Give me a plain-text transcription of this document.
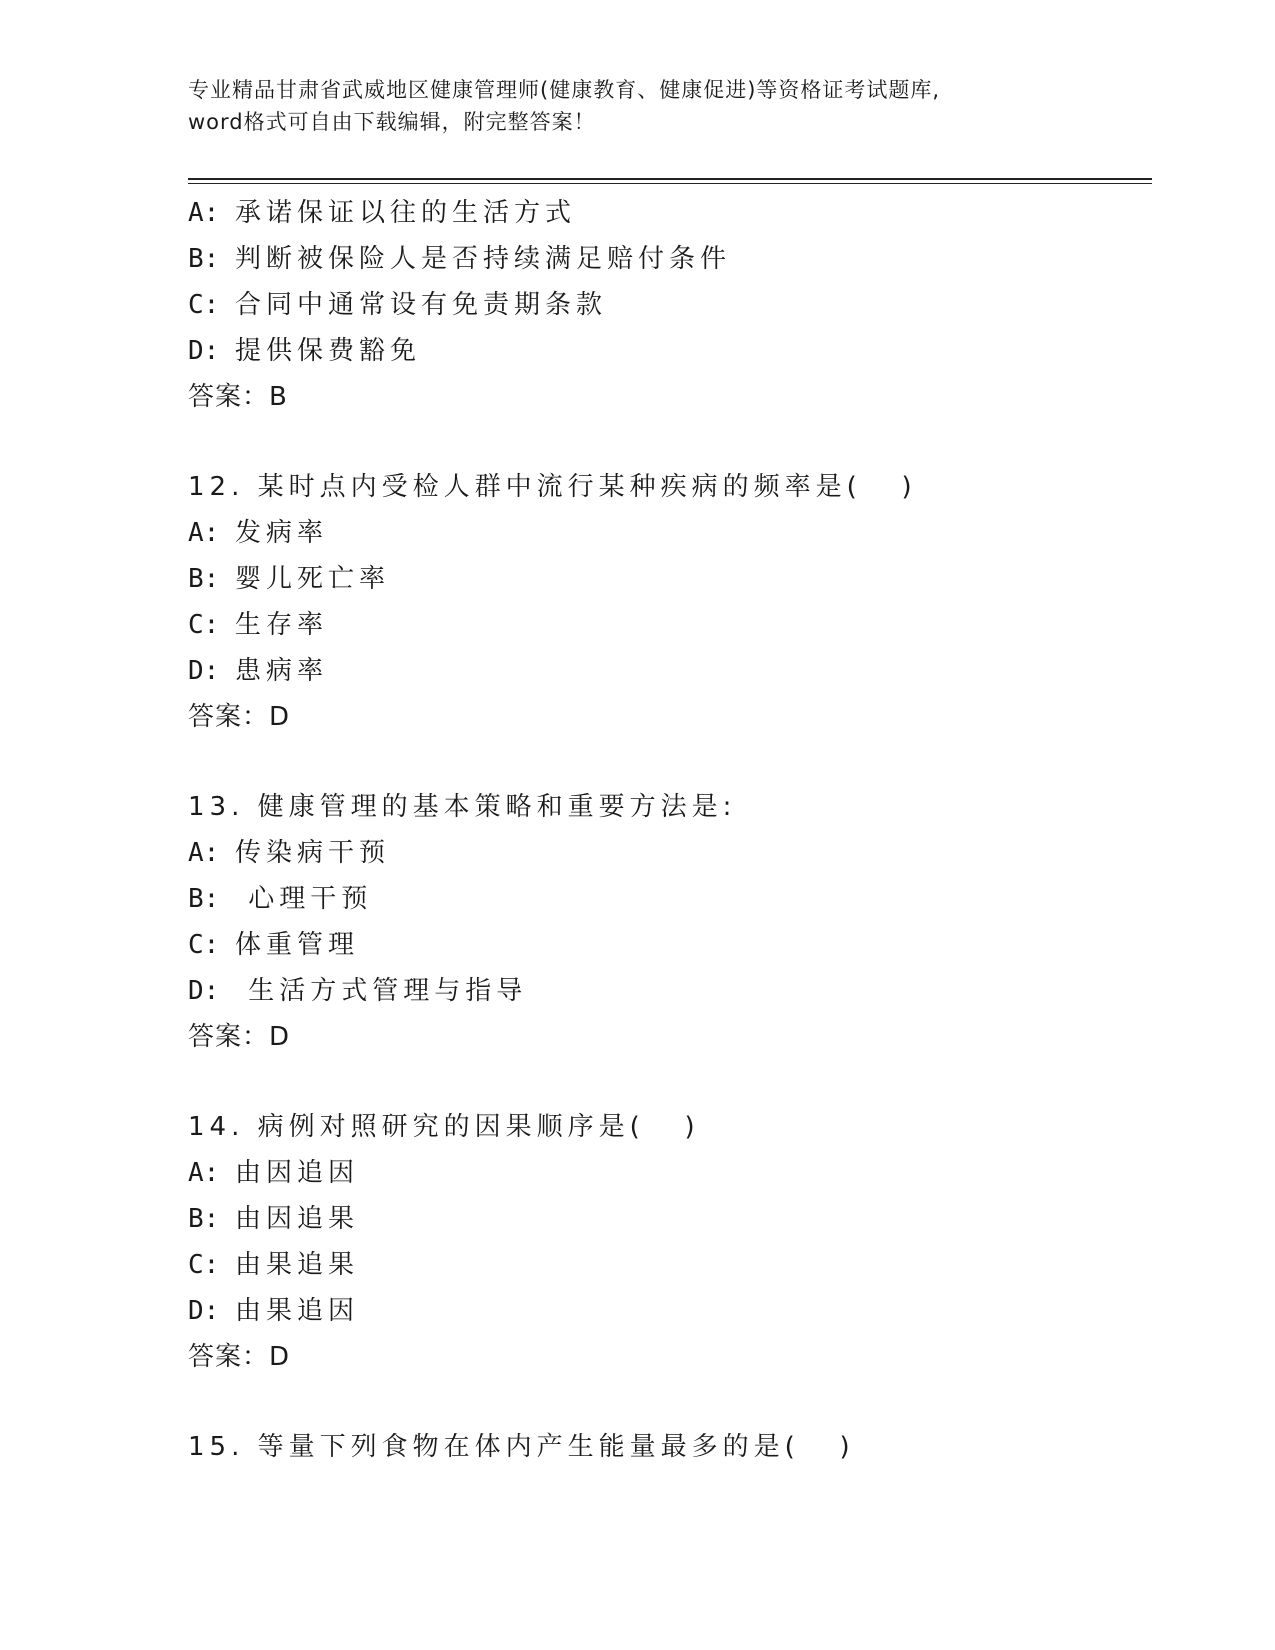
专业精品甘肃省武威地区健康管理师(健康教育、健康促进)等资格证考试题库,
word格式可自由下载编辑，附完整答案！
A: 承诺保证以往的生活方式
B: 判断被保险人是否持续满足赔付条件
C: 合同中通常设有免责期条款
D: 提供保费豁免
答案：B
12. 某时点内受检人群中流行某种疾病的频率是(   )
A: 发病率
B: 婴儿死亡率
C: 生存率
D: 患病率
答案：D
13. 健康管理的基本策略和重要方法是:
A: 传染病干预
B:  心理干预
C: 体重管理
D:  生活方式管理与指导
答案：D
14. 病例对照研究的因果顺序是(   )
A: 由因追因
B: 由因追果
C: 由果追果
D: 由果追因
答案：D
15. 等量下列食物在体内产生能量最多的是(   )
